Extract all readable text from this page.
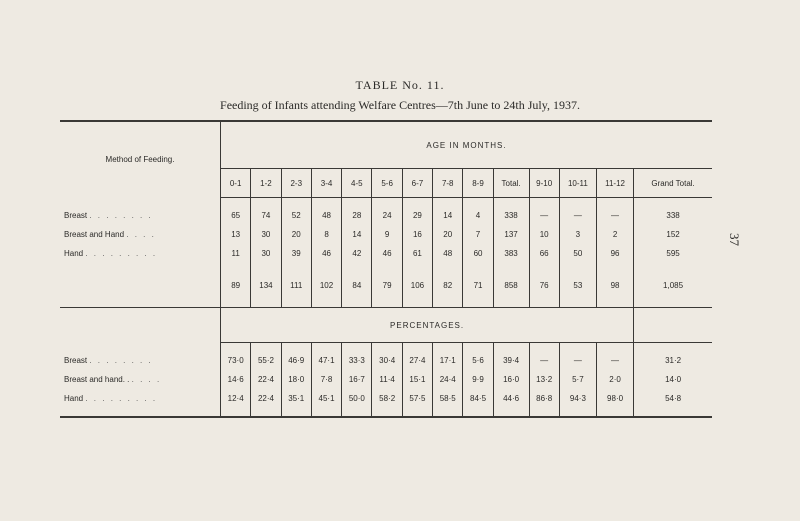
TABLE No. 11.
Feeding of Infants attending Welfare Centres—7th June to 24th July, 1937.
37
Method of Feeding.	AGE IN MONTHS.													
	0-1	1-2	2-3	3-4	4-5	5-6	6-7	7-8	8-9	Total.	9-10	10-11	11-12	Grand Total.

Breast . . . . . . . .	65	74	52	48	28	24	29	14	4	338	—	—	—	338
Breast and Hand . . . .	13	30	20	8	14	9	16	20	7	137	10	3	2	152
Hand . . . . . . . . .	11	30	39	46	42	46	61	48	60	383	66	50	96	595
	89	134	111	102	84	79	106	82	71	858	76	53	98	1,085
	PERCENTAGES.													

Breast . . . . . . . .	73·0	55·2	46·9	47·1	33·3	30·4	27·4	17·1	5·6	39·4	—	—	—	31·2
Breast and hand. . . . . .	14·6	22·4	18·0	7·8	16·7	11·4	15·1	24·4	9·9	16·0	13·2	5·7	2·0	14·0
Hand . . . . . . . . .	12·4	22·4	35·1	45·1	50·0	58·2	57·5	58·5	84·5	44·6	86·8	94·3	98·0	54·8
